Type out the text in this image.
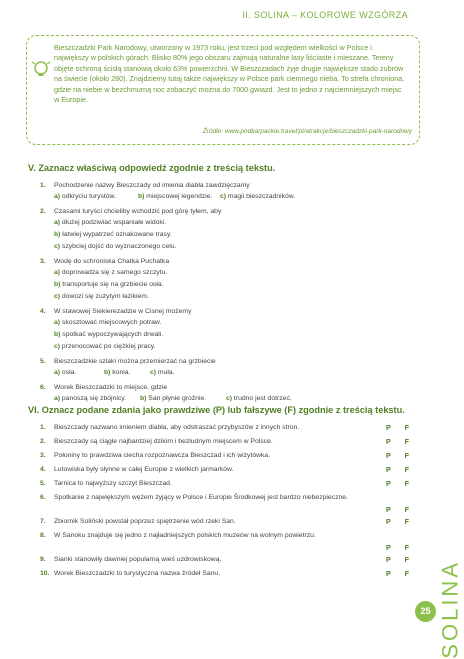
II. SOLINA – KOLOROWE WZGÓRZA
Bieszczadzki Park Narodowy, utworzony w 1973 roku, jest trzeci pod względem wielkości w Polsce i największy w polskich górach. Blisko 80% jego obszaru zajmują naturalne lasy liściaste i mieszane. Tereny objęte ochroną ścisłą stanowią około 63% powierzchni. W Bieszczadach żyje drugie największe stado żubrów na świecie (około 280). Znajdziemy tutaj także największy w Polsce park ciemnego nieba. To strefa chroniona, gdzie na niebie w bezchmurną noc zobaczyć można do 7000 gwiazd. Jest to jedno z najciemniejszych miejsc w Europie.
Źródło: www.podkarpackie.travel/pl/atrakcje/bieszczadzki-park-narodowy
V. Zaznacz właściwą odpowiedź zgodnie z treścią tekstu.
1. Pochodzenie nazwy Bieszczady od imienia diabła zawdzięczamy
a) odkryciu turystów.	b) miejscowej legendzie. c) magii bieszczadników.
2. Czasami turyści chcieliby wchodzić pod górę tyłem, aby
a) dłużej podziwiać wspaniałe widoki.
b) łatwiej wypatrzeć oznakowane trasy.
c) szybciej dojść do wyznaczonego celu.
3. Wodę do schroniska Chatka Puchatka
a) doprowadza się z samego szczytu.
b) transportuje się na grzbiecie osła.
c) dowozi się zużytym łazikiem.
4. W stawowej Siekierezadzie w Cisnej możemy
a) skosztować miejscowych potraw.
b) spotkać wypoczywających drwali.
c) przenocować po ciężkiej pracy.
5. Bieszczadzkie szlaki można przemierzać na grzbiecie
a) osła.	b) konia.	c) muła.
6. Worek Bieszczadzki to miejsce, gdzie
a) panoszą się zbójnicy. b) San płynie groźnie.	c) trudno jest dotrzeć.
VI. Oznacz podane zdania jako prawdziwe (P) lub fałszywe (F) zgodnie z treścią tekstu.
1. Bieszczady nazwano imieniem diabła, aby odstraszać przybyszów z innych stron.	P F
2. Bieszczady są ciągle najbardziej dzikim i bezludnym miejscem w Polsce.	P F
3. Połoniny to prawdziwa ciecha rozpoznawcza Bieszczad i ich wizytówka.	P F
4. Lutowiska były słynne w całej Europie z wielkich jarmarków.	P F
5. Tarnica to najwyższy szczyt Bieszczad.	P F
6. Spotkanie z największym wężem żyjący w Polsce i Europie Środkowej jest bardzo niebezpieczne.
P F
7. Zbiornik Soliński powstał poprzez spiętrzenie wód rzeki San.	P F
8. W Sanoku znajduje się jedno z najładniejszych polskich muzeów na wolnym powietrzu.
P F
9. Sianki stanowiły dawniej popularną wieś uzdrowiskową.	P F
10. Worek Bieszczadzki to turystyczna nazwa źródeł Sanu.	P F SOLINA
25
